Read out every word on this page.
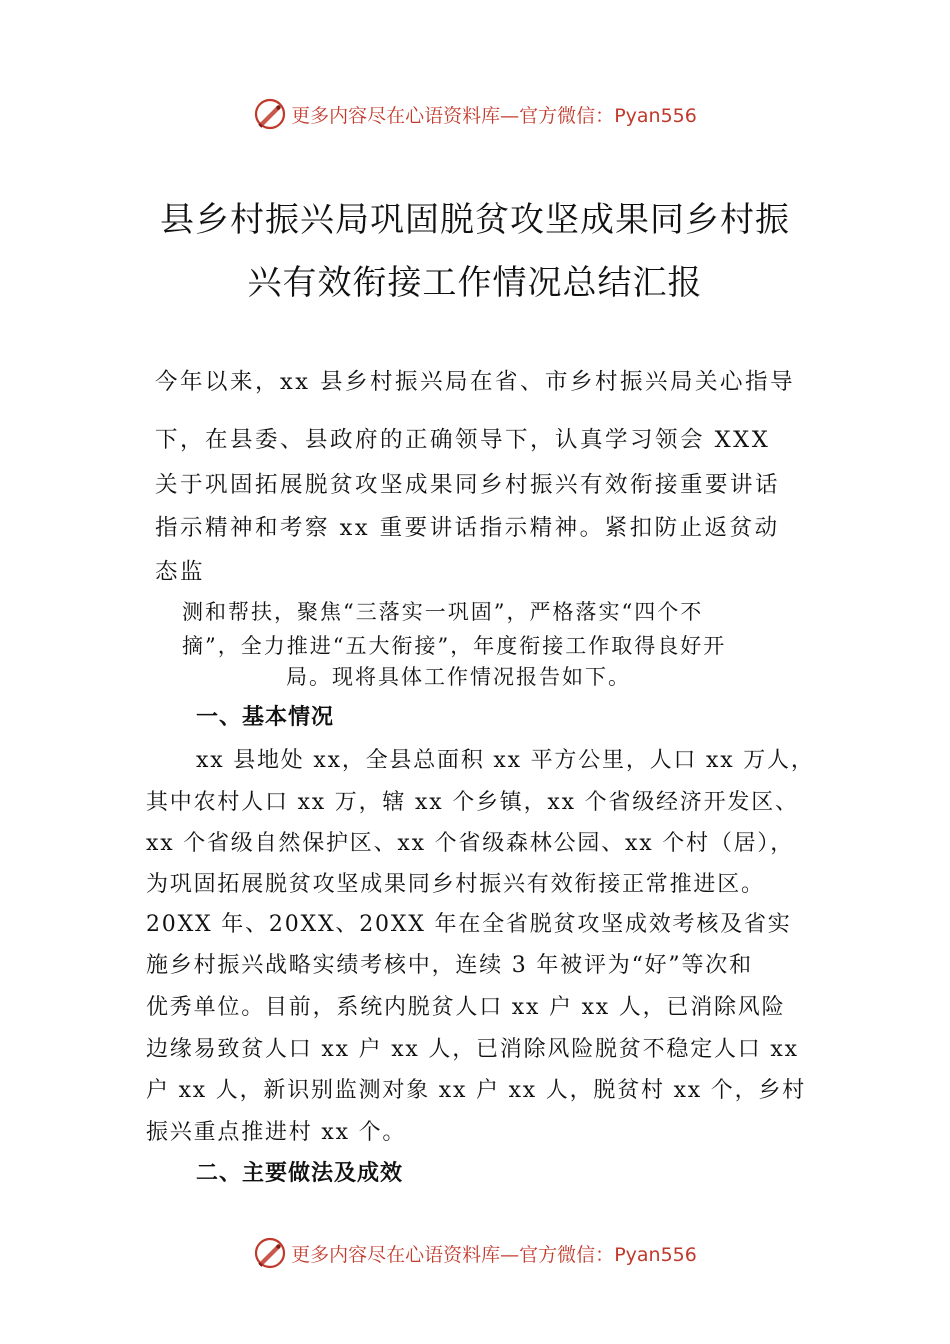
更多内容尽在心语资料库—官方微信：Pyan556
县乡村振兴局巩固脱贫攻坚成果同乡村振
兴有效衔接工作情况总结汇报
今年以来，xx 县乡村振兴局在省、市乡村振兴局关心指导
下，在县委、县政府的正确领导下，认真学习领会 XXX
关于巩固拓展脱贫攻坚成果同乡村振兴有效衔接重要讲话
指示精神和考察 xx 重要讲话指示精神。紧扣防止返贫动
态监
测和帮扶，聚焦“三落实一巩固”，严格落实“四个不
摘”，全力推进“五大衔接”，年度衔接工作取得良好开
局。现将具体工作情况报告如下。
一、基本情况
xx 县地处 xx，全县总面积 xx 平方公里，人口 xx 万人，
其中农村人口 xx 万，辖 xx 个乡镇，xx 个省级经济开发区、
xx 个省级自然保护区、xx 个省级森林公园、xx 个村（居），
为巩固拓展脱贫攻坚成果同乡村振兴有效衔接正常推进区。
20XX 年、20XX、20XX 年在全省脱贫攻坚成效考核及省实
施乡村振兴战略实绩考核中，连续 3 年被评为“好”等次和
优秀单位。目前，系统内脱贫人口 xx 户 xx 人，已消除风险
边缘易致贫人口 xx 户 xx 人，已消除风险脱贫不稳定人口 xx
户 xx 人，新识别监测对象 xx 户 xx 人，脱贫村 xx 个，乡村
振兴重点推进村 xx 个。
二、主要做法及成效
更多内容尽在心语资料库—官方微信：Pyan556
